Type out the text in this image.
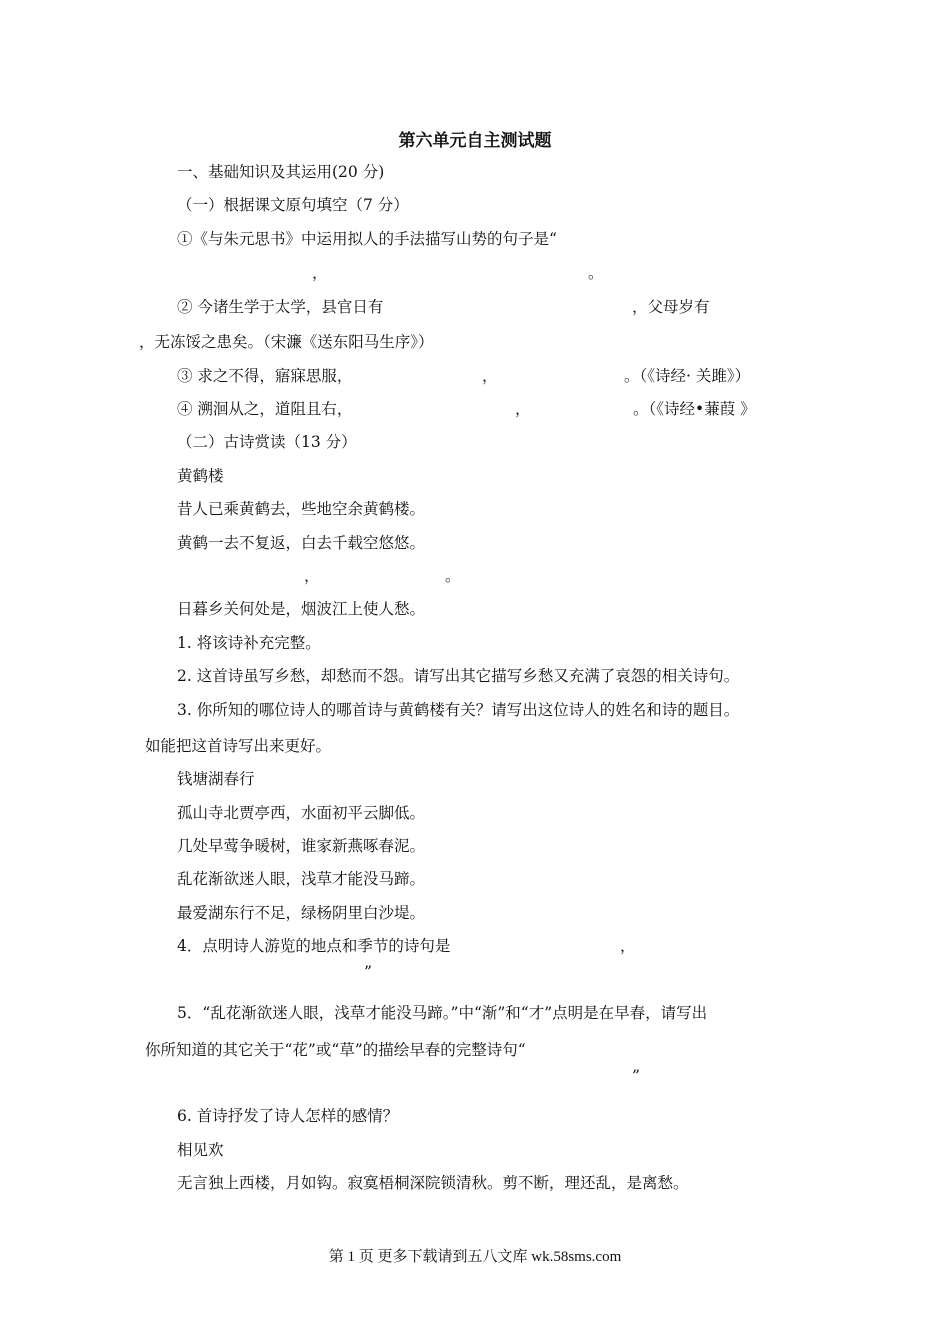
第六单元自主测试题
一、基础知识及其运用(20 分)
（一）根据课文原句填空（7 分）
①《与朱元思书》中运用拟人的手法描写山势的句子是“
，	。
② 今诸生学于太学，县官日有	，父母岁有
，无冻馁之患矣。（宋濂《送东阳马生序》）
③ 求之不得，寤寐思服，	，	。（《诗经· 关雎》）
④ 溯洄从之，道阻且右，	，	。（《诗经•蒹葭 》
（二）古诗赏读（13 分）
黄鹤楼
昔人已乘黄鹤去，些地空余黄鹤楼。
黄鹤一去不复返，白去千载空悠悠。
，	。
日暮乡关何处是，烟波江上使人愁。
1. 将该诗补充完整。
2. 这首诗虽写乡愁，却愁而不怨。请写出其它描写乡愁又充满了哀怨的相关诗句。
3. 你所知的哪位诗人的哪首诗与黄鹤楼有关？请写出这位诗人的姓名和诗的题目。
如能把这首诗写出来更好。
钱塘湖春行
孤山寺北贾亭西，水面初平云脚低。
几处早莺争暖树，谁家新燕啄春泥。
乱花渐欲迷人眼，浅草才能没马蹄。
最爱湖东行不足，绿杨阴里白沙堤。
4．点明诗人游览的地点和季节的诗句是	，
”
5．“乱花渐欲迷人眼，浅草才能没马蹄。”中“渐”和“才”点明是在早春，请写出
你所知道的其它关于“花”或“草”的描绘早春的完整诗句“
”
6. 首诗抒发了诗人怎样的感情？
相见欢
无言独上西楼，月如钩。寂寞梧桐深院锁清秋。剪不断，理还乱，是离愁。
第 1 页 更多下载请到五八文库 wk.58sms.com
